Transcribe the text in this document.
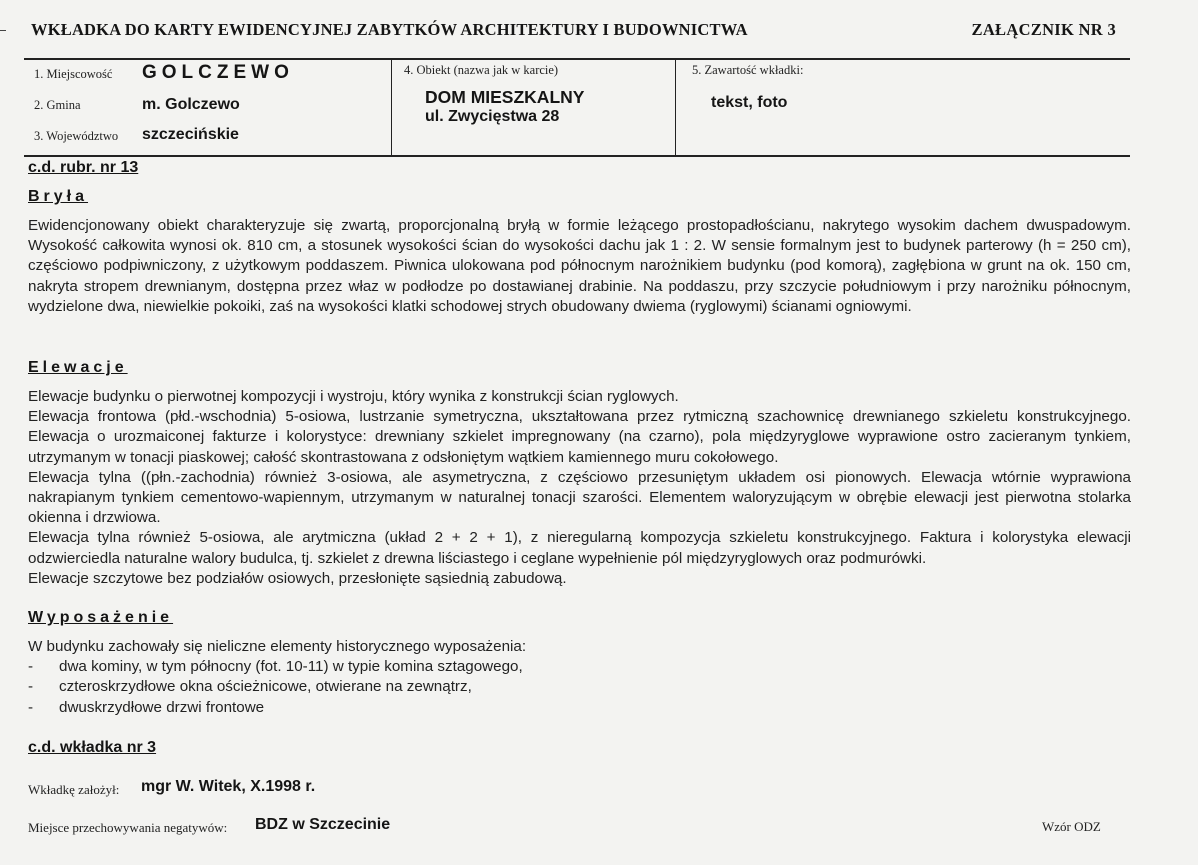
WKŁADKA DO KARTY EWIDENCYJNEJ ZABYTKÓW ARCHITEKTURY I BUDOWNICTWA	ZAŁĄCZNIK NR 3
1. Miejscowość GOLCZEWO
2. Gmina	m. Golczewo
3. Województwo szczecińskie
4. Obiekt (nazwa jak w karcie)
DOM MIESZKALNY
ul. Zwycięstwa 28
5. Zawartość wkładki:
tekst, foto
c.d. rubr. nr 13
Bryła

Ewidencjonowany obiekt charakteryzuje się zwartą, proporcjonalną bryłą w formie leżącego prostopadłościanu, nakrytego wysokim dachem dwuspadowym. Wysokość całkowita wynosi ok. 810 cm, a stosunek wysokości ścian do wysokości dachu jak 1 : 2. W sensie formalnym jest to budynek parterowy (h = 250 cm), częściowo podpiwniczony, z użytkowym poddaszem. Piwnica ulokowana pod północnym narożnikiem budynku (pod komorą), zagłębiona w grunt na ok. 150 cm, nakryta stropem drewnianym, dostępna przez właz w podłodze po dostawianej drabinie. Na poddaszu, przy szczycie południowym i przy narożniku północnym, wydzielone dwa, niewielkie pokoiki, zaś na wysokości klatki schodowej strych obudowany dwiema (ryglowymi) ścianami ogniowymi.

Elewacje

Elewacje budynku o pierwotnej kompozycji i wystroju, który wynika z konstrukcji ścian ryglowych.

Elewacja frontowa (płd.-wschodnia) 5-osiowa, lustrzanie symetryczna, ukształtowana przez rytmiczną szachownicę drewnianego szkieletu konstrukcyjnego. Elewacja o urozmaiconej fakturze i kolorystyce: drewniany szkielet impregnowany (na czarno), pola międzyryglowe wyprawione ostro zacieranym tynkiem, utrzymanym w tonacji piaskowej; całość skontrastowana z odsłoniętym wątkiem kamiennego muru cokołowego.

Elewacja tylna ((płn.-zachodnia) również 3-osiowa, ale asymetryczna, z częściowo przesuniętym układem osi pionowych. Elewacja wtórnie wyprawiona nakrapianym tynkiem cementowo-wapiennym, utrzymanym w naturalnej tonacji szarości. Elementem waloryzującym w obrębie elewacji jest pierwotna stolarka okienna i drzwiowa.

Elewacja tylna również 5-osiowa, ale arytmiczna (układ 2 + 2 + 1), z nieregularną kompozycja szkieletu konstrukcyjnego. Faktura i kolorystyka elewacji odzwierciedla naturalne walory budulca, tj. szkielet z drewna liściastego i ceglane wypełnienie pól międzyryglowych oraz podmurówki.

Elewacje szczytowe bez podziałów osiowych, przesłonięte sąsiednią zabudową.

Wyposażenie
W budynku zachowały się nieliczne elementy historycznego wyposażenia:
-	dwa kominy, w tym północny (fot. 10-11) w typie komina sztagowego,
-	czteroskrzydłowe okna ościeżnicowe, otwierane na zewnątrz,
-	dwuskrzydłowe drzwi frontowe
c.d. wkładka nr 3
Wkładkę założył: mgr W. Witek, X.1998 r.
Miejsce przechowywania negatywów: BDZ w Szczecinie	Wzór ODZ
